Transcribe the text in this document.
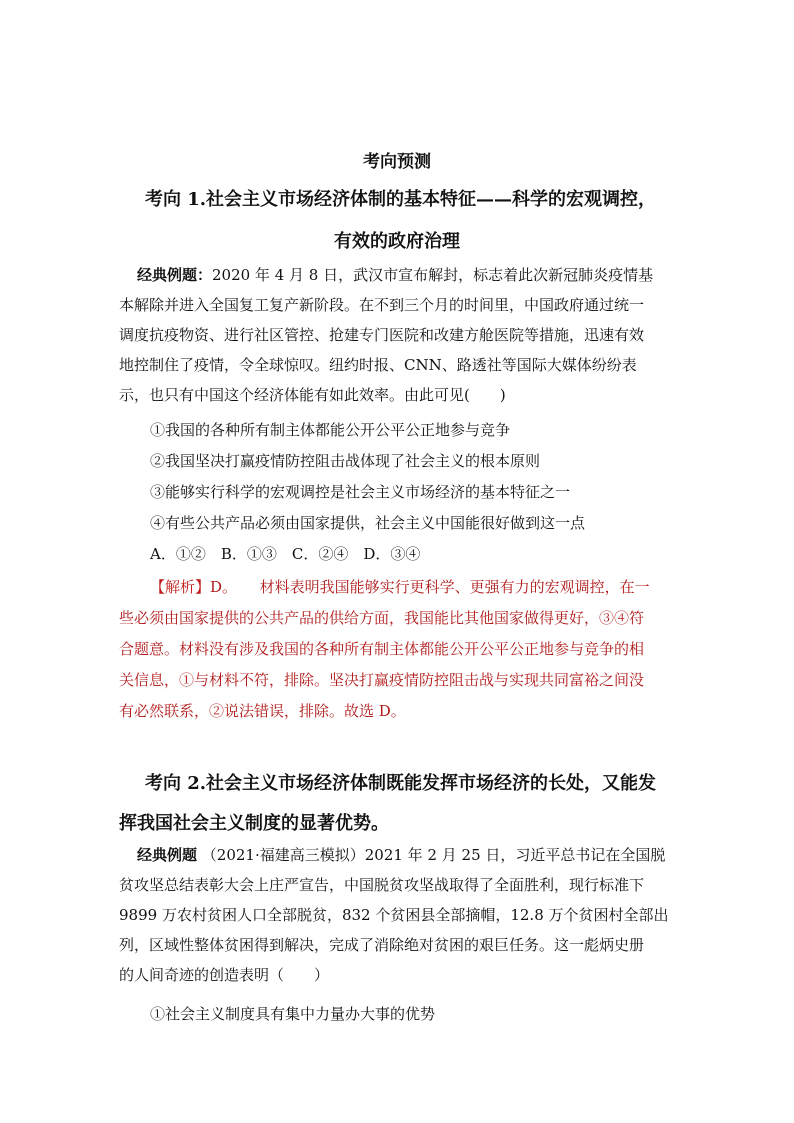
考向预测
考向 1.社会主义市场经济体制的基本特征——科学的宏观调控，
有效的政府治理
经典例题：2020 年 4 月 8 日，武汉市宣布解封，标志着此次新冠肺炎疫情基
本解除并进入全国复工复产新阶段。在不到三个月的时间里，中国政府通过统一
调度抗疫物资、进行社区管控、抢建专门医院和改建方舱医院等措施，迅速有效
地控制住了疫情，令全球惊叹。纽约时报、CNN、路透社等国际大媒体纷纷表
示，也只有中国这个经济体能有如此效率。由此可见(　　)
①我国的各种所有制主体都能公开公平公正地参与竞争
②我国坚决打赢疫情防控阻击战体现了社会主义的根本原则
③能够实行科学的宏观调控是社会主义市场经济的基本特征之一
④有些公共产品必须由国家提供，社会主义中国能很好做到这一点
A．①②　B．①③　C．②④　D．③④
【解析】D。　  材料表明我国能够实行更科学、更强有力的宏观调控，在一
些必须由国家提供的公共产品的供给方面，我国能比其他国家做得更好，③④符
合题意。材料没有涉及我国的各种所有制主体都能公开公平公正地参与竞争的相
关信息，①与材料不符，排除。坚决打赢疫情防控阻击战与实现共同富裕之间没
有必然联系，②说法错误，排除。故选 D。
考向 2.社会主义市场经济体制既能发挥市场经济的长处，又能发
挥我国社会主义制度的显著优势。
经典例题 （2021·福建高三模拟）2021 年 2 月 25 日，习近平总书记在全国脱
贫攻坚总结表彰大会上庄严宣告，中国脱贫攻坚战取得了全面胜利，现行标准下
9899 万农村贫困人口全部脱贫，832 个贫困县全部摘帽，12.8 万个贫困村全部出
列，区域性整体贫困得到解决，完成了消除绝对贫困的艰巨任务。这一彪炳史册
的人间奇迹的创造表明（　　）
①社会主义制度具有集中力量办大事的优势
